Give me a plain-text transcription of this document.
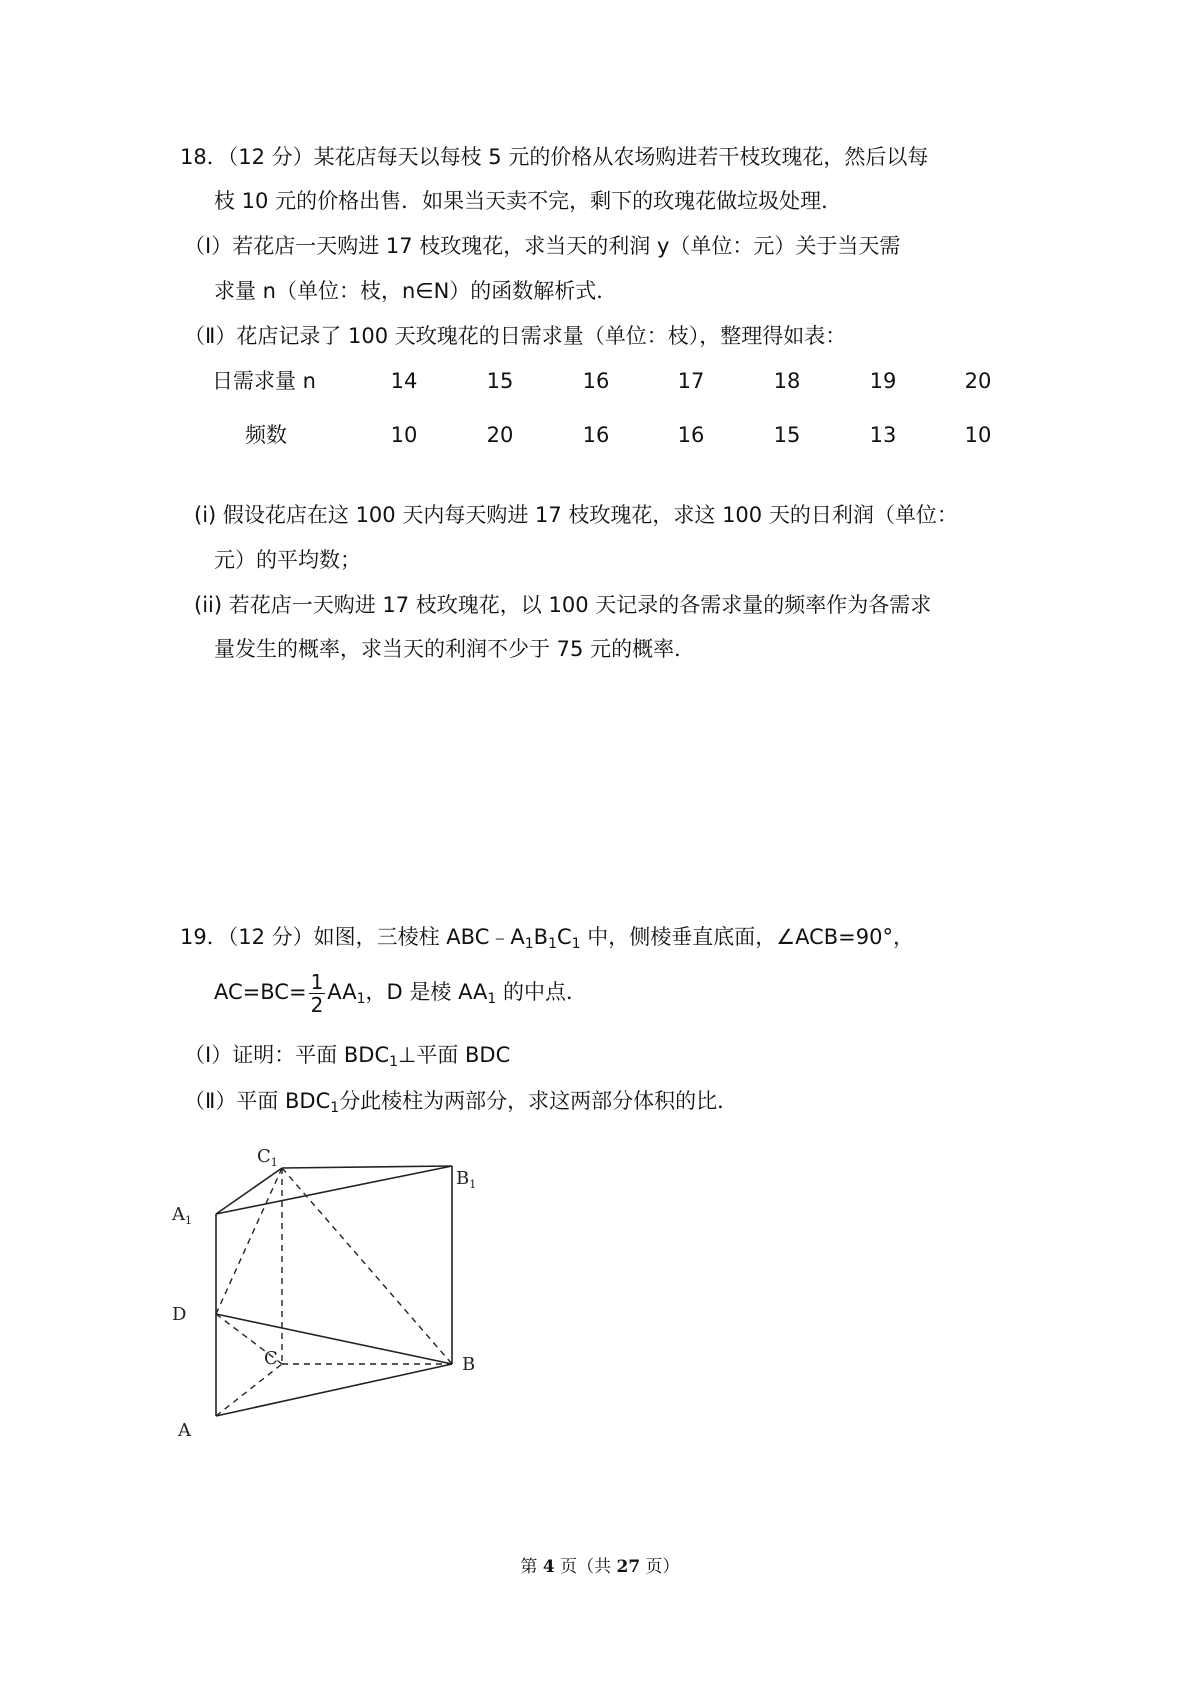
18．（12 分）某花店每天以每枝 5 元的价格从农场购进若干枝玫瑰花，然后以每
枝 10 元的价格出售．如果当天卖不完，剩下的玫瑰花做垃圾处理．
（Ⅰ）若花店一天购进 17 枝玫瑰花，求当天的利润 y（单位：元）关于当天需
求量 n（单位：枝，n∈N）的函数解析式．
（Ⅱ）花店记录了 100 天玫瑰花的日需求量（单位：枝），整理得如表：
日需求量 n	14	15	16	17	18	19	20
频数	10	20	16	16	15	13	10
(i) 假设花店在这 100 天内每天购进 17 枝玫瑰花，求这 100 天的日利润（单位：
元）的平均数；
(ii) 若花店一天购进 17 枝玫瑰花，以 100 天记录的各需求量的频率作为各需求
量发生的概率，求当天的利润不少于 75 元的概率．
19．（12 分）如图，三棱柱 $ABC﹣A_1B_1C_1$ 中，侧棱垂直底面，∠ACB=90°，
$AC=BC= \frac{1}{2} AA_1$，D 是棱 $AA_1$ 的中点．
（Ⅰ）证明：平面 $BDC_1\perp$平面 BDC
（Ⅱ）平面 $BDC_1$分此棱柱为两部分，求这两部分体积的比．
$C_1$
$B_1$
$A_1$
D
C	B
A
第 4 页（共 27 页）
